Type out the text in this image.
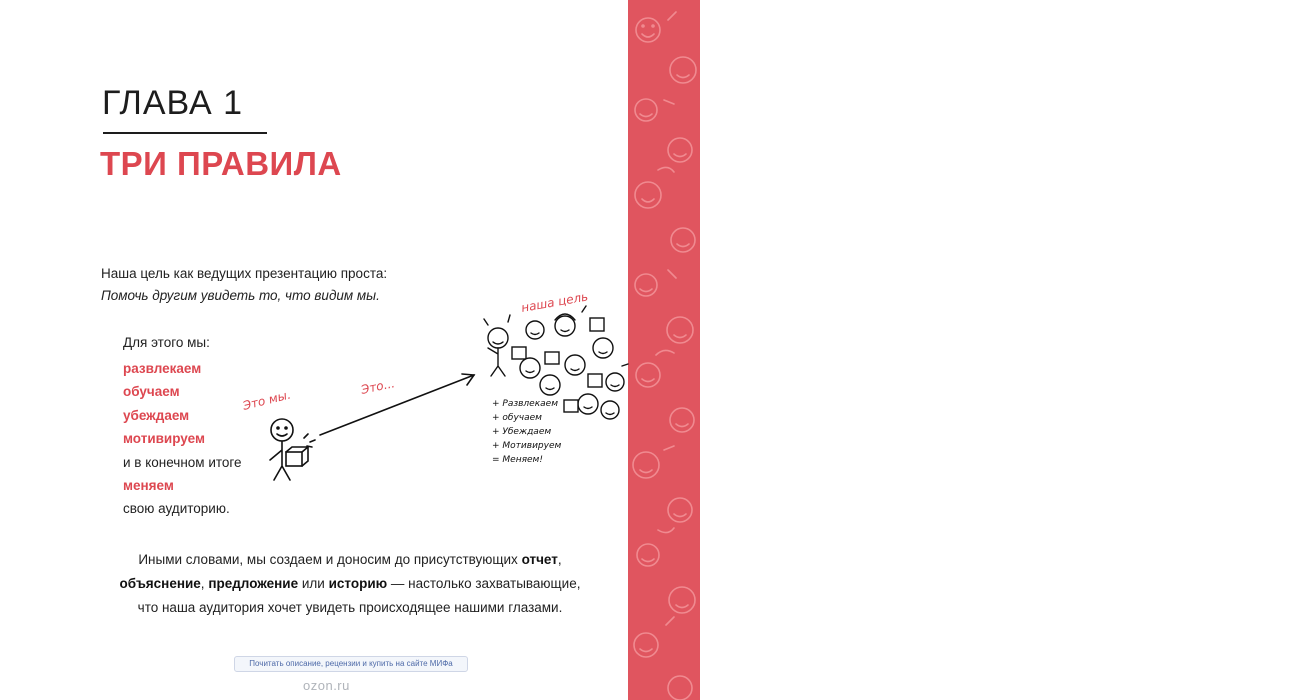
13
ГЛАВА 1
ТРИ ПРАВИЛА
Наша цель как ведущих презентацию проста:
Помочь другим увидеть то, что видим мы.
Для этого мы:
развлекаем
обучаем
убеждаем
мотивируем
и в конечном итоге
меняем
свою аудиторию.
Это мы.
Это...
наша цель
+ Развлекаем
+ обучаем
+ Убеждаем
+ Мотивируем
= Меняем!
Иными словами, мы создаем и доносим до присутствующих отчет,
объяснение, предложение или историю — настолько захватывающие,
что наша аудитория хочет увидеть происходящее нашими глазами.
Почитать описание, рецензии и купить на сайте МИФа
ozon.ru
